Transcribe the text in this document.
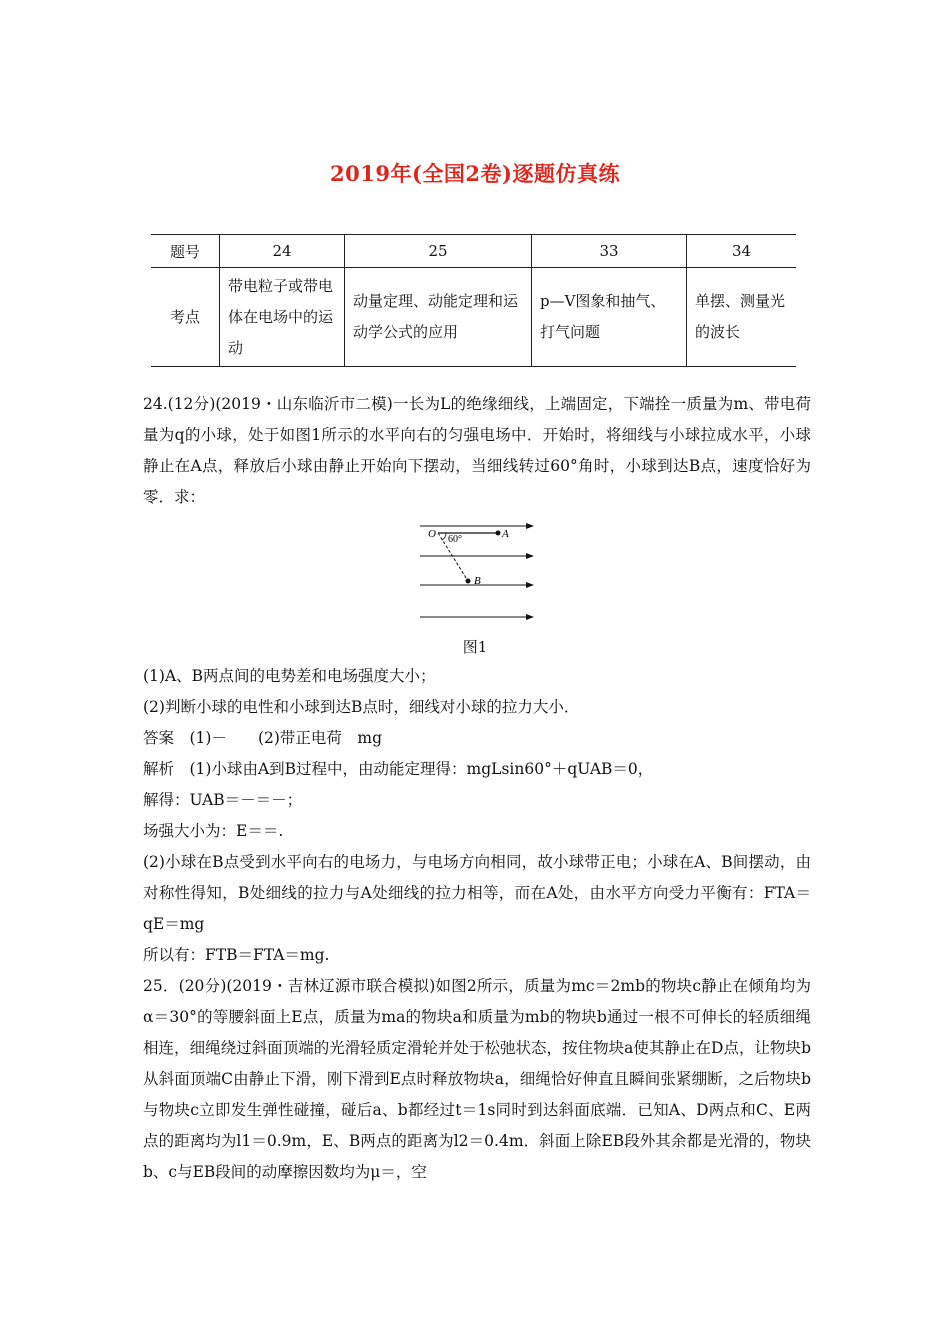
2019年(全国2卷)逐题仿真练
题号	24	25	33	34
考点	带电粒子或带电体在电场中的运动	动量定理、动能定理和运动学公式的应用	p—V图象和抽气、打气问题	单摆、测量光的波长

24.(12分)(2019・山东临沂市二模)一长为L的绝缘细线，上端固定，下端拴一质量为m、带电荷量为q的小球，处于如图1所示的水平向右的匀强电场中．开始时，将细线与小球拉成水平，小球静止在A点，释放后小球由静止开始向下摆动，当细线转过60°角时，小球到达B点，速度恰好为零．求：

O 60°	A
B
图1

(1)A、B两点间的电势差和电场强度大小；

(2)判断小球的电性和小球到达B点时，细线对小球的拉力大小．

答案　(1)－　　(2)带正电荷　mg

解析　(1)小球由A到B过程中，由动能定理得：mgLsin60°＋qUAB＝0，

解得：UAB＝－＝－；

场强大小为：E＝＝.

(2)小球在B点受到水平向右的电场力，与电场方向相同，故小球带正电；小球在A、B间摆动，由对称性得知，B处细线的拉力与A处细线的拉力相等，而在A处，由水平方向受力平衡有：FTA＝qE＝mg

所以有：FTB＝FTA＝mg.

25．(20分)(2019・吉林辽源市联合模拟)如图2所示，质量为mc＝2mb的物块c静止在倾角均为α＝30°的等腰斜面上E点，质量为ma的物块a和质量为mb的物块b通过一根不可伸长的轻质细绳相连，细绳绕过斜面顶端的光滑轻质定滑轮并处于松弛状态，按住物块a使其静止在D点，让物块b从斜面顶端C由静止下滑，刚下滑到E点时释放物块a，细绳恰好伸直且瞬间张紧绷断，之后物块b与物块c立即发生弹性碰撞，碰后a、b都经过t＝1s同时到达斜面底端．已知A、D两点和C、E两点的距离均为l1＝0.9m，E、B两点的距离为l2＝0.4m．斜面上除EB段外其余都是光滑的，物块b、c与EB段间的动摩擦因数均为μ＝，空
